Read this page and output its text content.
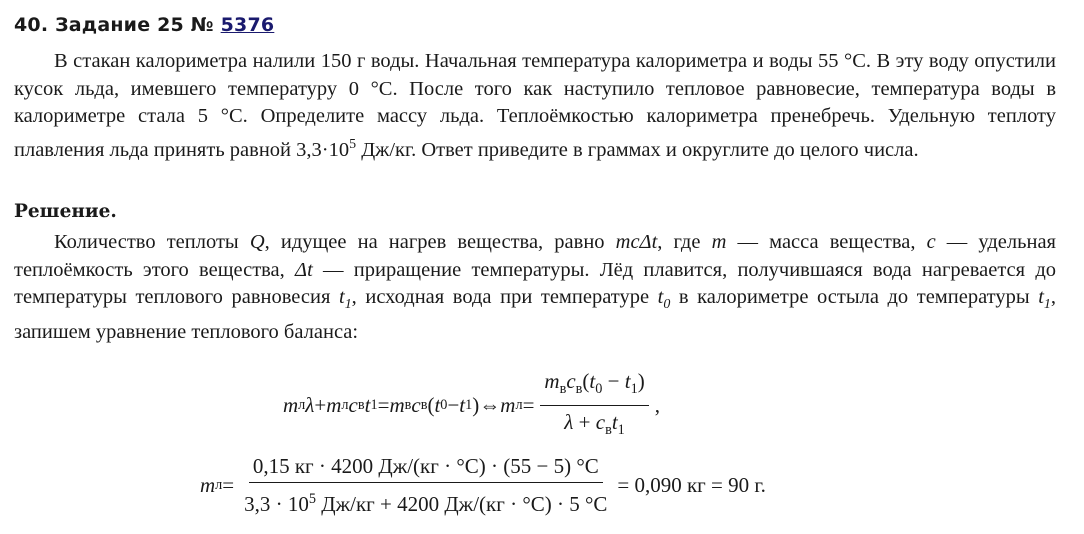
40. Задание 25 № 5376
В стакан калориметра налили 150 г воды. Начальная температура калориметра и воды 55 °C. В эту воду опустили кусок льда, имевшего температуру 0 °C. После того как наступило тепловое равновесие, температура воды в калориметре стала 5 °C. Определите массу льда. Теплоёмкостью калориметра пренебречь. Удельную теплоту плавления льда принять равной $3,3\cdot 10^5$ Дж/кг. Ответ приведите в граммах и округлите до целого числа.
Решение.
Количество теплоты Q, идущее на нагрев вещества, равно mcΔt, где m — масса вещества, c — удельная теплоёмкость этого вещества, Δt — приращение температуры. Лёд плавится, получившаяся вода нагревается до температуры теплового равновесия $t_1$, исходная вода при температуре $t_0$ в калориметре остыла до температуры $t_1$, запишем уравнение теплового баланса:
m л λ + m л c в t 1 = m в c в ( t 0 − t 1 ) ⇔ m $л = \frac{m_вc_в(t_0 - t_1)}{\lambda + c_вt_1}$ ,
m $л = \frac{0,15 кг \cdot 4200 Дж/(кг \cdot ^\circ C) \cdot (55 - 5) ^\circ C}{3,3 \cdot 10^5 Дж/кг + 4200 Дж/(кг \cdot ^\circ C) \cdot 5 ^\circ C} = 0,090$ кг = 90 г.
